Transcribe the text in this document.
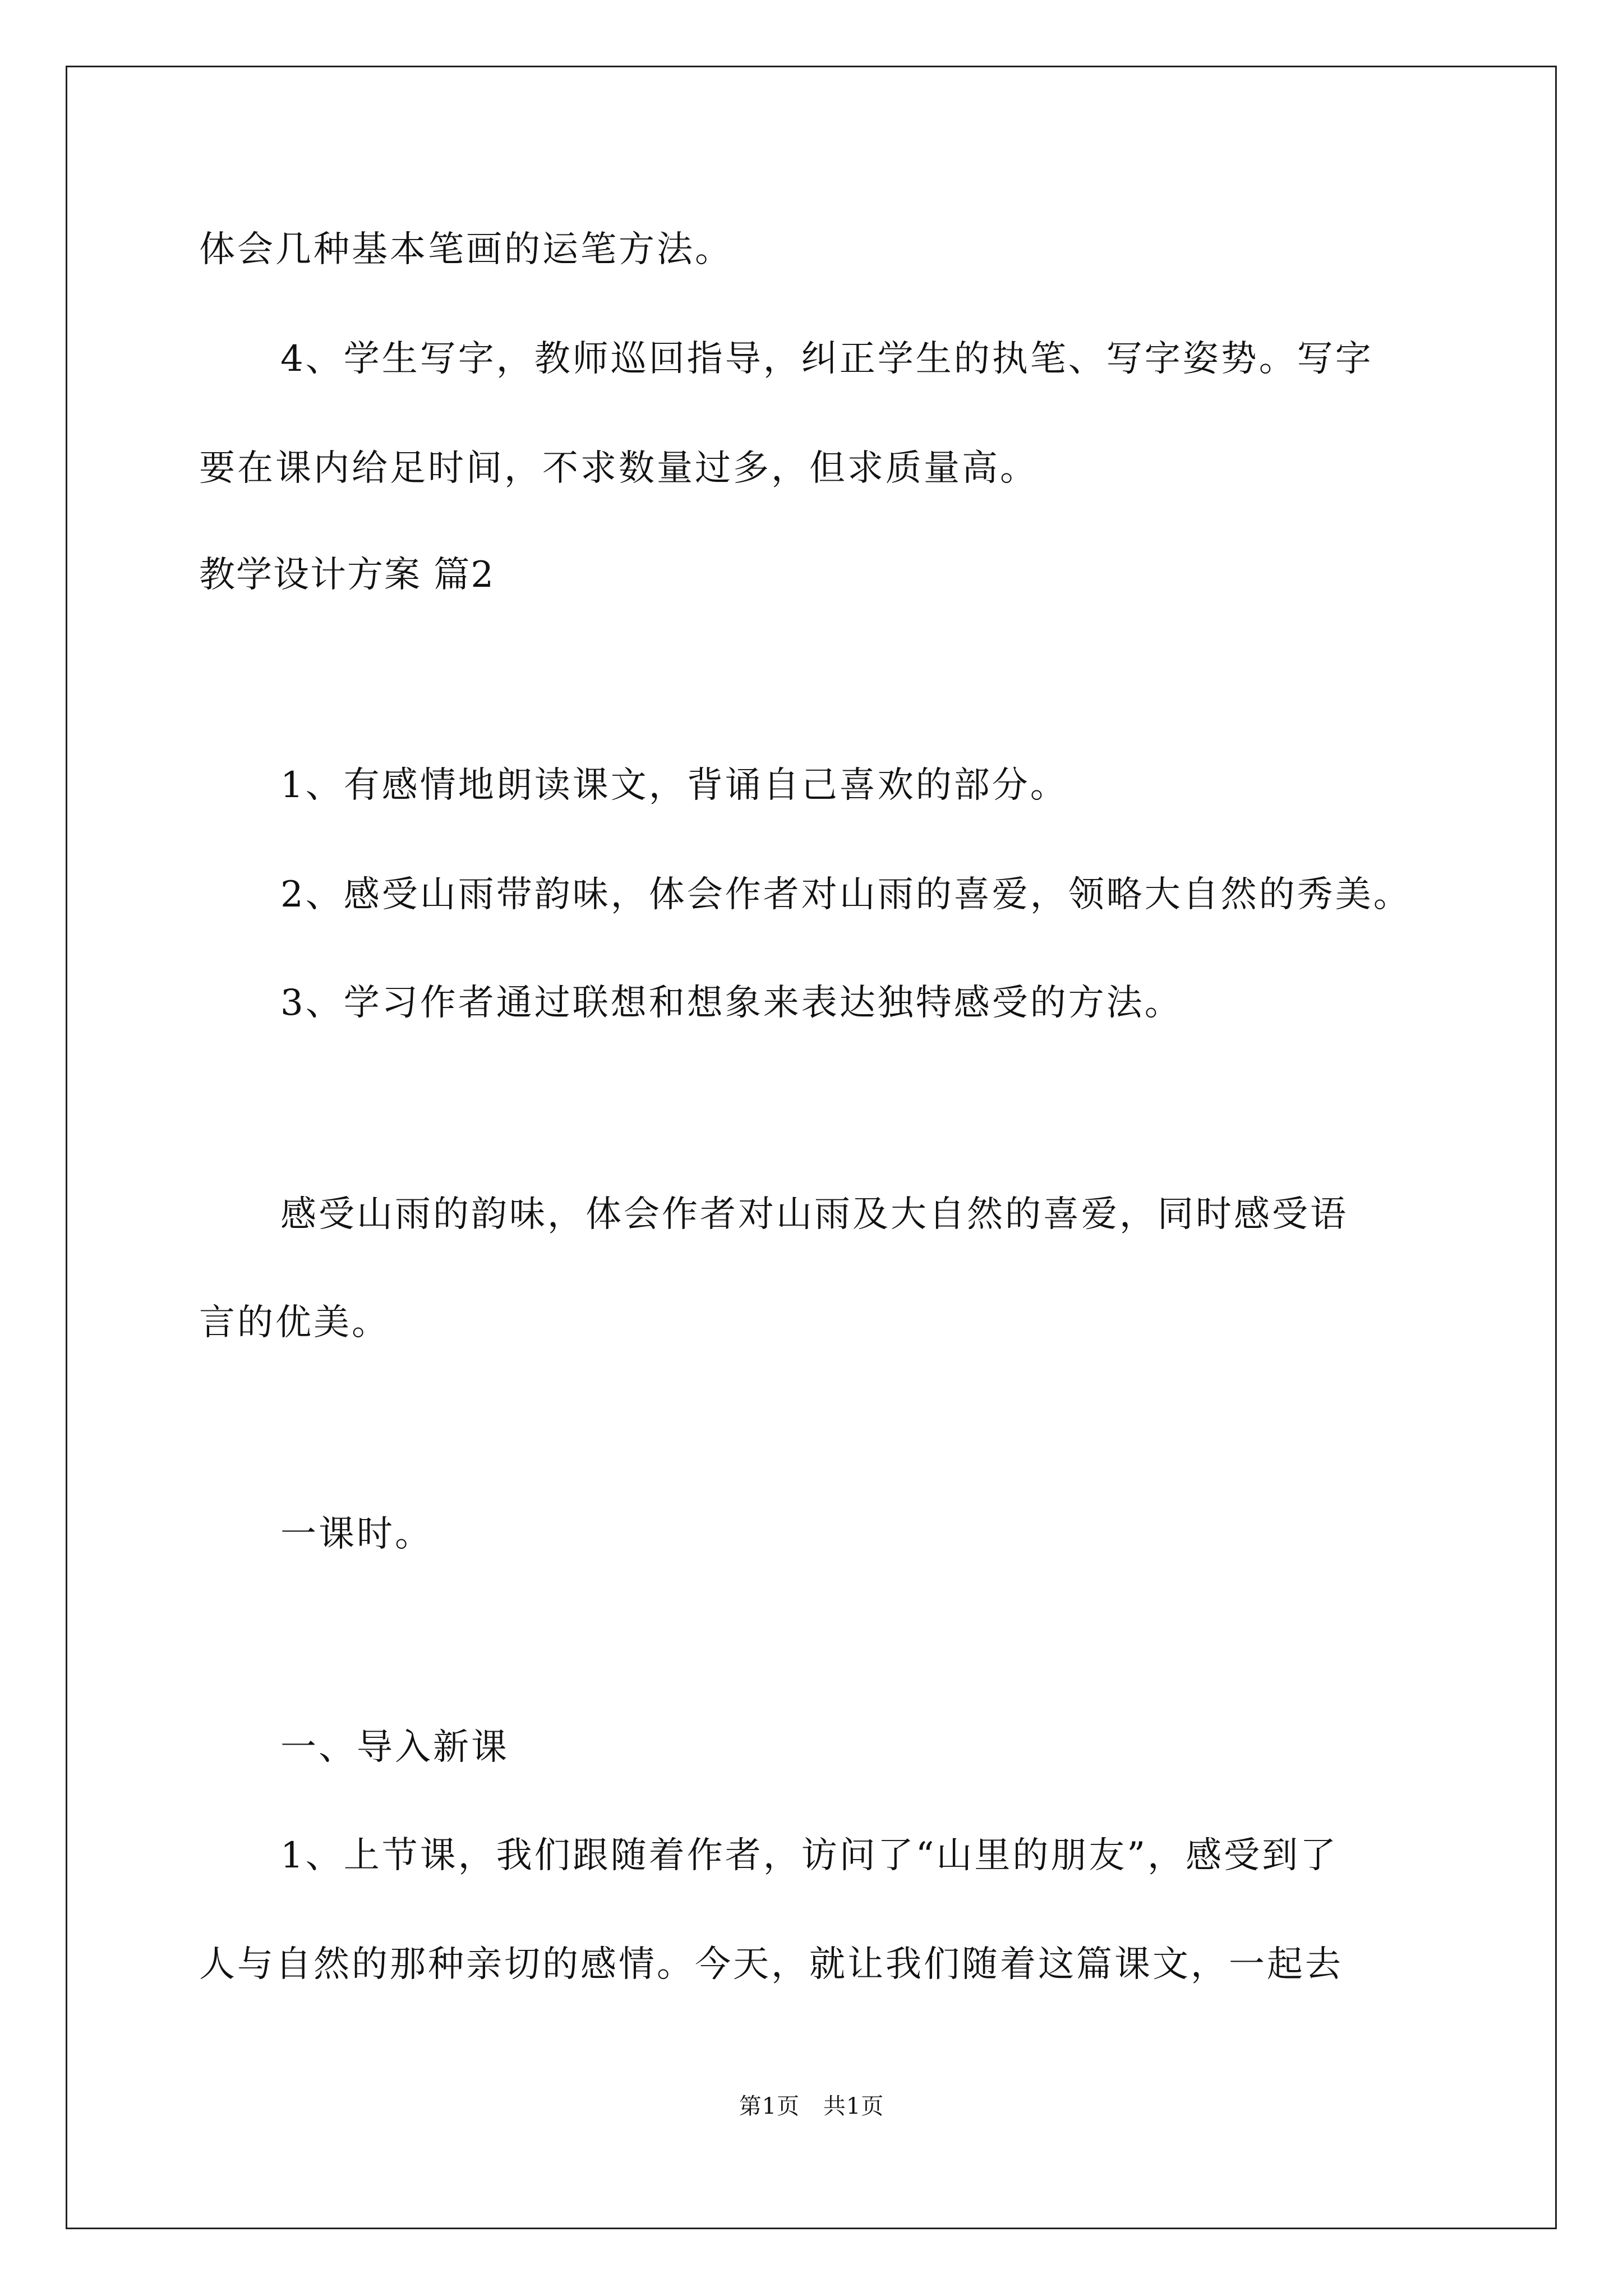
体会几种基本笔画的运笔方法。
4、学生写字，教师巡回指导，纠正学生的执笔、写字姿势。写字
要在课内给足时间，不求数量过多，但求质量高。
教学设计方案 篇2
1、有感情地朗读课文，背诵自己喜欢的部分。
2、感受山雨带韵味，体会作者对山雨的喜爱，领略大自然的秀美。
3、学习作者通过联想和想象来表达独特感受的方法。
感受山雨的韵味，体会作者对山雨及大自然的喜爱，同时感受语
言的优美。
一课时。
一、导入新课
1、上节课，我们跟随着作者，访问了“山里的朋友”，感受到了
人与自然的那种亲切的感情。今天，就让我们随着这篇课文，一起去
第1页 共1页
